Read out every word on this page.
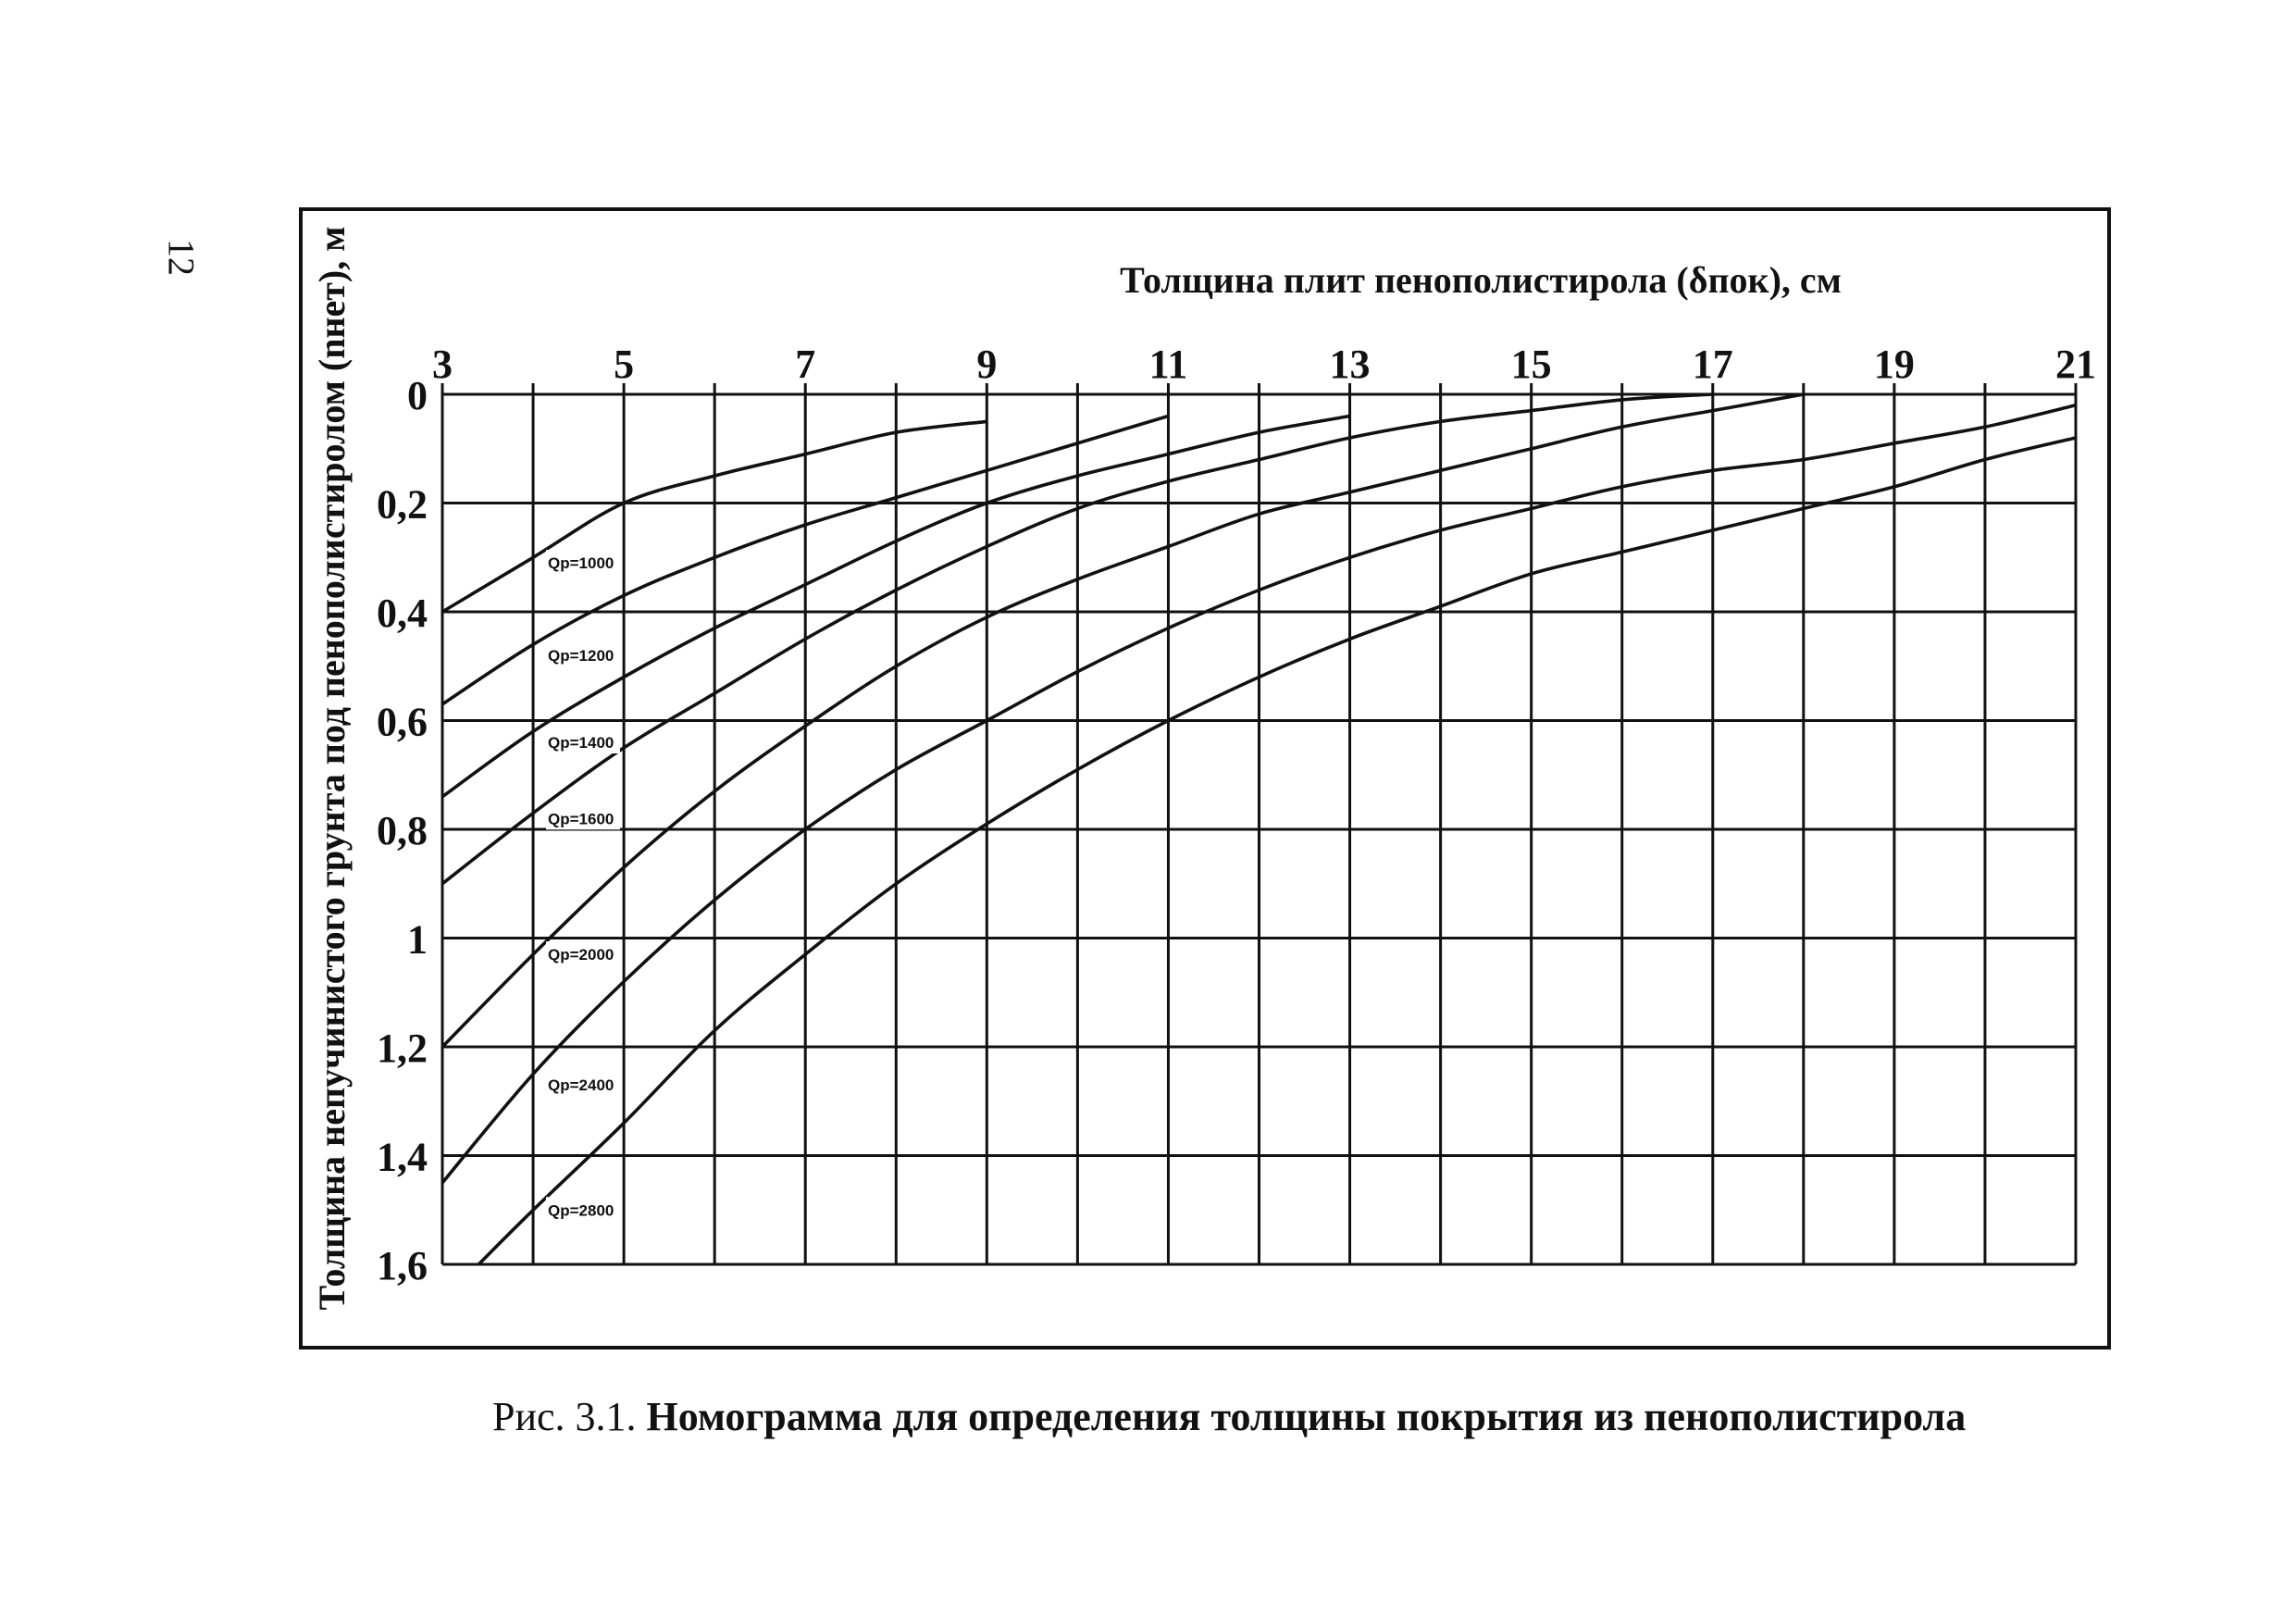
12
Толщина плит пенополистирола (δпок), см
Толщина непучинистого грунта под пенополистиролом (nнет), м 3	5	7	9	11	13	15	17	19	21
0
0,2
0,4
0,6
0,8
1
1,2
1,4
1,6
Qр=1000
Qр=1200
Qр=1400
Qр=1600
Qр=2000
Qр=2400
Qр=2800
Рис. 3.1. Номограмма для определения толщины покрытия из пенополистирола
